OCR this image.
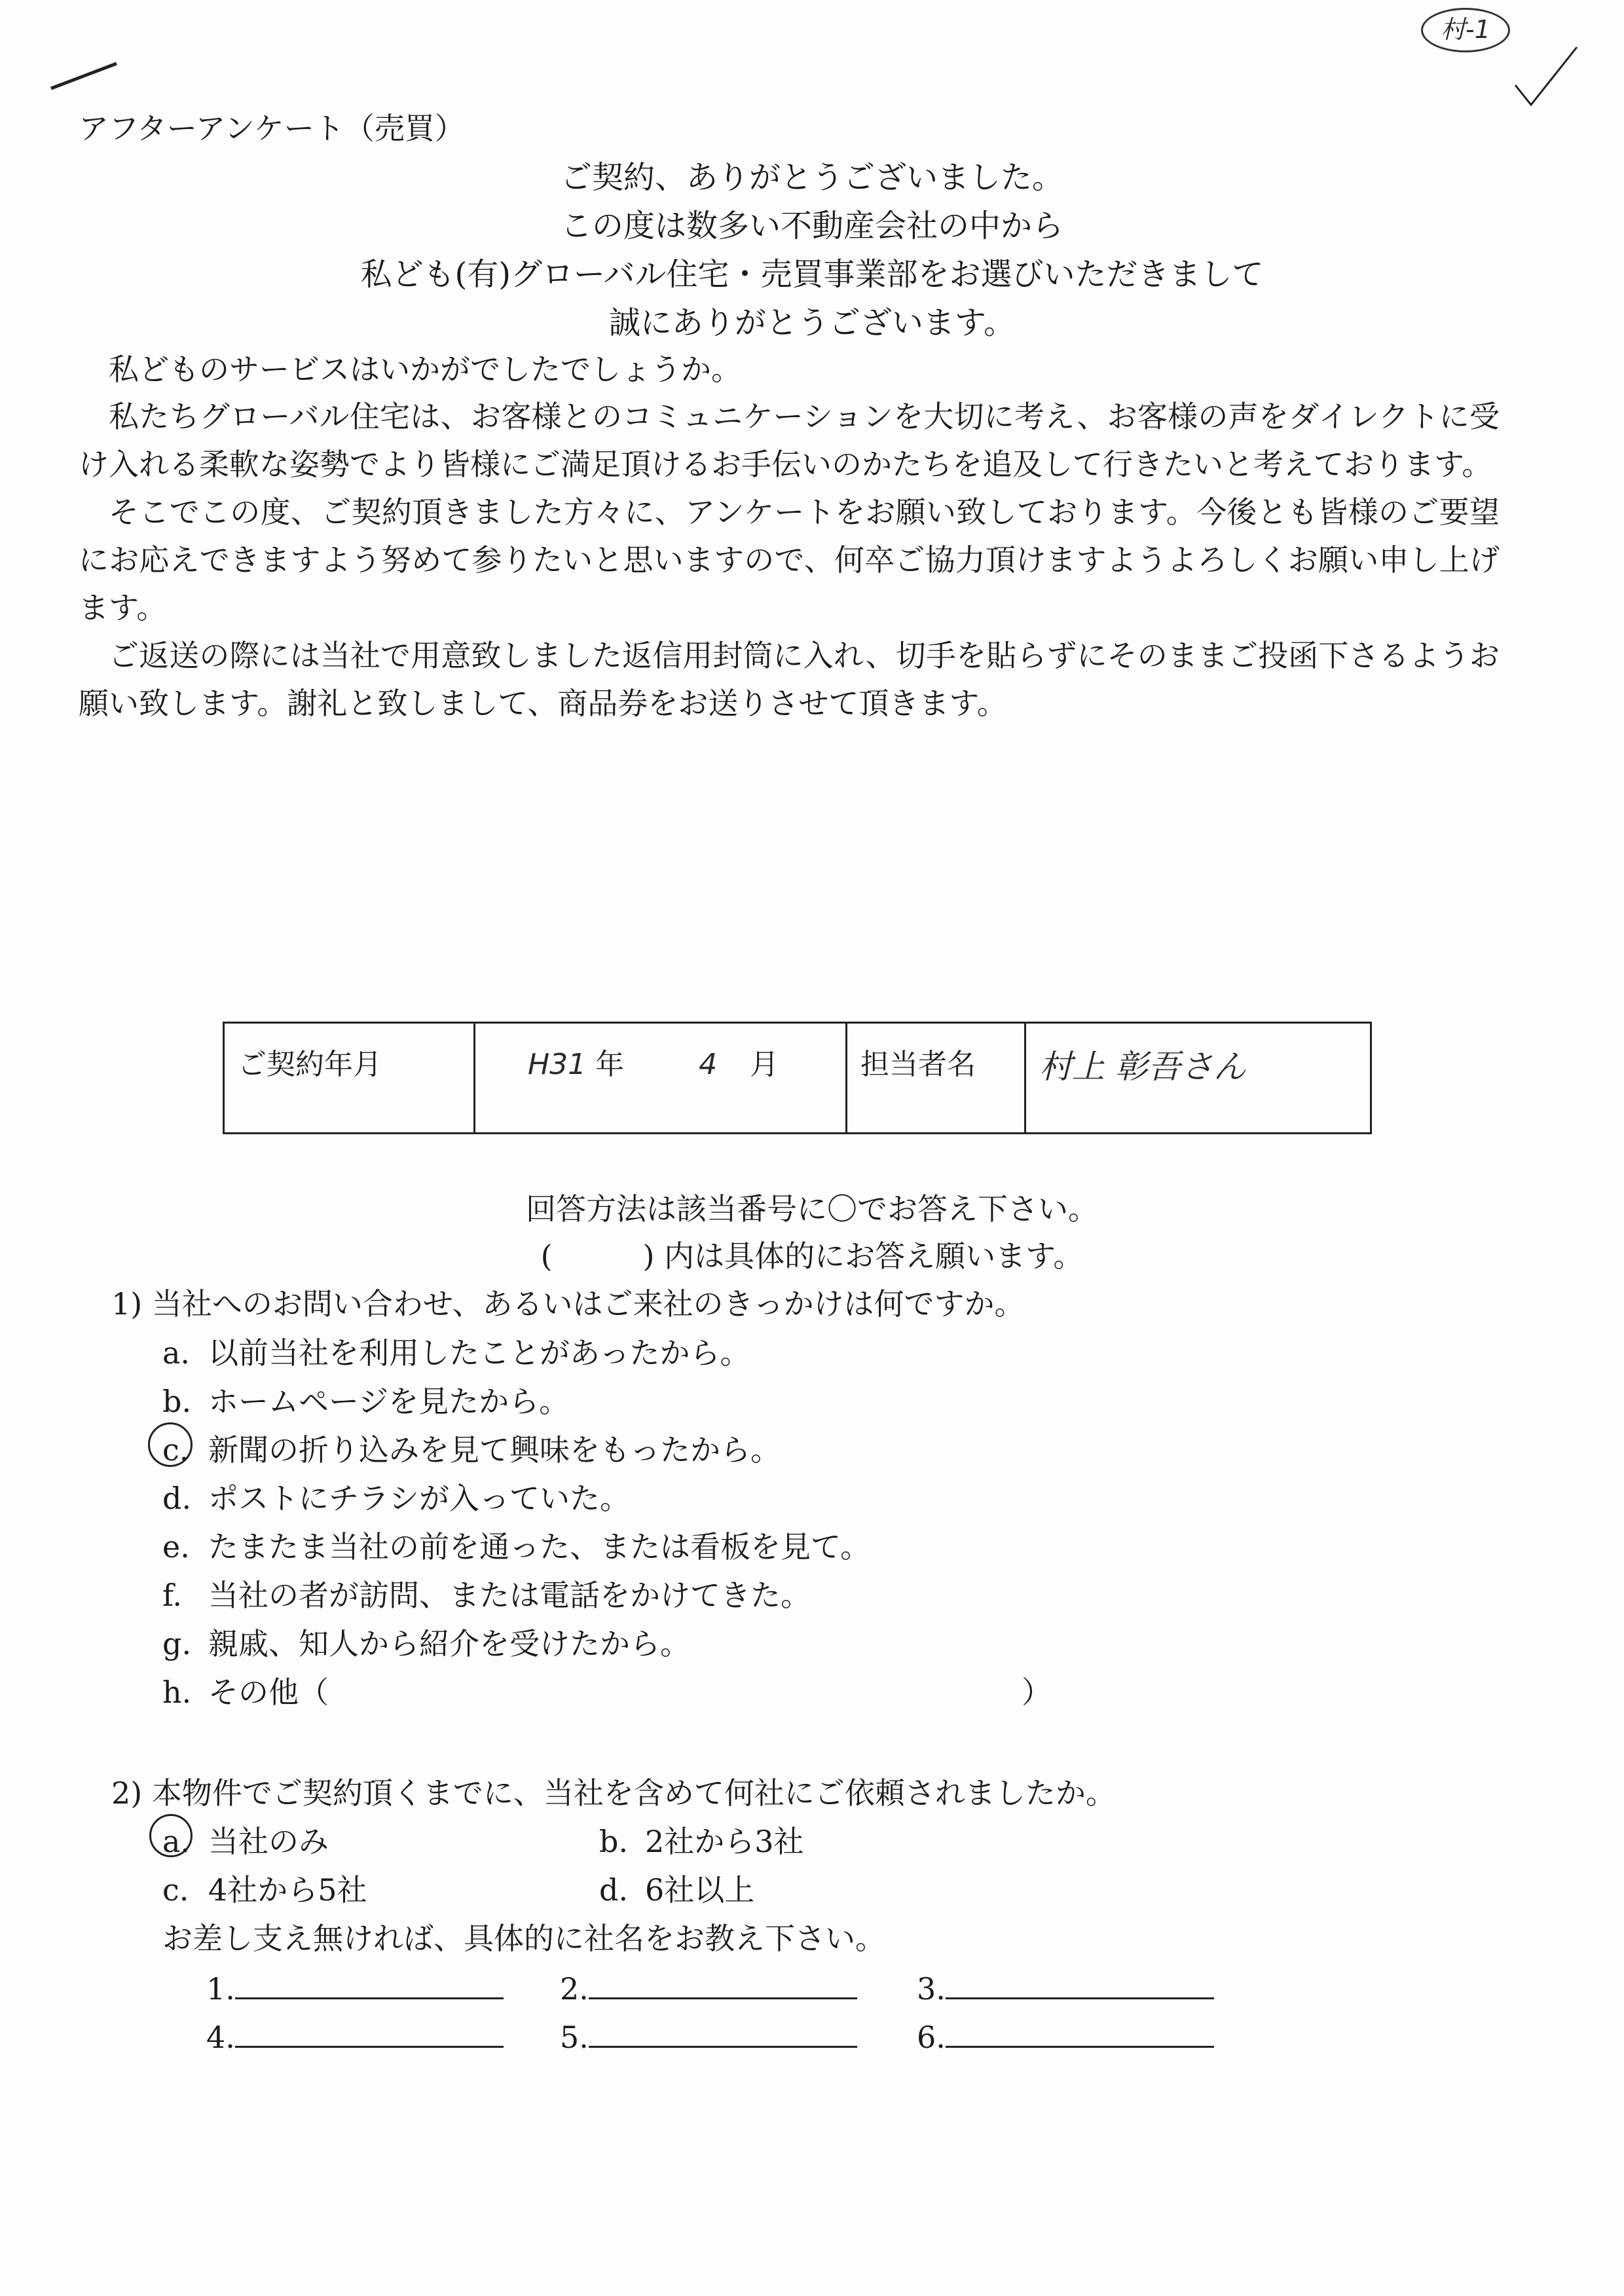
村-1
アフターアンケート（売買）
ご契約、ありがとうございました。
この度は数多い不動産会社の中から
私ども(有)グローバル住宅・売買事業部をお選びいただきまして
誠にありがとうございます。
私どものサービスはいかがでしたでしょうか。
私たちグローバル住宅は、お客様とのコミュニケーションを大切に考え、お客様の声をダイレクトに受け入れる柔軟な姿勢でより皆様にご満足頂けるお手伝いのかたちを追及して行きたいと考えております。
そこでこの度、ご契約頂きました方々に、アンケートをお願い致しております。今後とも皆様のご要望にお応えできますよう努めて参りたいと思いますので、何卒ご協力頂けますようよろしくお願い申し上げます。
ご返送の際には当社で用意致しました返信用封筒に入れ、切手を貼らずにそのままご投函下さるようお願い致します。謝礼と致しまして、商品券をお送りさせて頂きます。
ご契約年月	H31 年	4 月	担当者名	村上 彰吾さん
回答方法は該当番号に〇でお答え下さい。
(　　　) 内は具体的にお答え願います。
1) 当社へのお問い合わせ、あるいはご来社のきっかけは何ですか。
a. 以前当社を利用したことがあったから。
b. ホームページを見たから。
c. 新聞の折り込みを見て興味をもったから。
d. ポストにチラシが入っていた。
e. たまたま当社の前を通った、または看板を見て。
f. 当社の者が訪問、または電話をかけてきた。
g. 親戚、知人から紹介を受けたから。
h. その他（	）
2) 本物件でご契約頂くまでに、当社を含めて何社にご依頼されましたか。
a. 当社のみ	b. 2社から3社
c. 4社から5社	d. 6社以上
お差し支え無ければ、具体的に社名をお教え下さい。
1.	2.	3.
4.	5.	6.
